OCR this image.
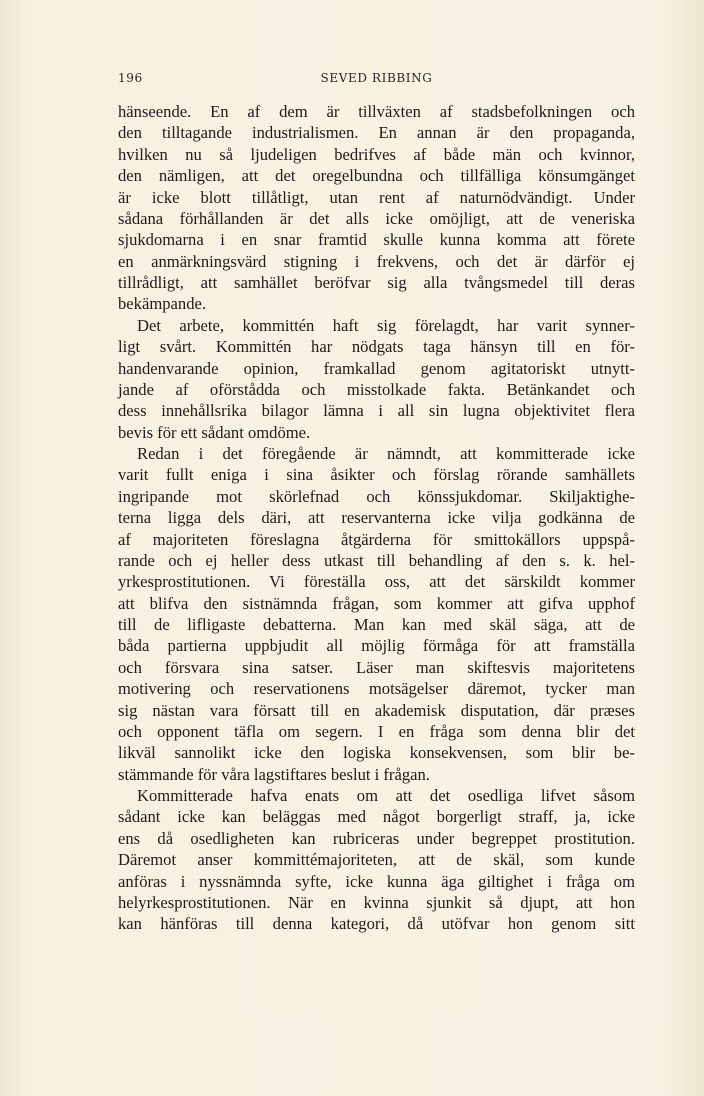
196	SEVED RIBBING
hänseende. En af dem är tillväxten af stadsbefolkningen och
den tilltagande industrialismen. En annan är den propaganda,
hvilken nu så ljudeligen bedrifves af både män och kvinnor,
den nämligen, att det oregelbundna och tillfälliga könsumgänget
är icke blott tillåtligt, utan rent af naturnödvändigt. Under
sådana förhållanden är det alls icke omöjligt, att de veneriska
sjukdomarna i en snar framtid skulle kunna komma att förete
en anmärkningsvärd stigning i frekvens, och det är därför ej
tillrådligt, att samhället beröfvar sig alla tvångsmedel till deras
bekämpande.
Det arbete, kommittén haft sig förelagdt, har varit synner-
ligt svårt. Kommittén har nödgats taga hänsyn till en för-
handenvarande opinion, framkallad genom agitatoriskt utnytt-
jande af oförstådda och misstolkade fakta. Betänkandet och
dess innehållsrika bilagor lämna i all sin lugna objektivitet flera
bevis för ett sådant omdöme.
Redan i det föregående är nämndt, att kommitterade icke
varit fullt eniga i sina åsikter och förslag rörande samhällets
ingripande mot skörlefnad och könssjukdomar. Skiljaktighe-
terna ligga dels däri, att reservanterna icke vilja godkänna de
af majoriteten föreslagna åtgärderna för smittokällors uppspå-
rande och ej heller dess utkast till behandling af den s. k. hel-
yrkesprostitutionen. Vi föreställa oss, att det särskildt kommer
att blifva den sistnämnda frågan, som kommer att gifva upphof
till de lifligaste debatterna. Man kan med skäl säga, att de
båda partierna uppbjudit all möjlig förmåga för att framställa
och försvara sina satser. Läser man skiftesvis majoritetens
motivering och reservationens motsägelser däremot, tycker man
sig nästan vara försatt till en akademisk disputation, där præses
och opponent täfla om segern. I en fråga som denna blir det
likväl sannolikt icke den logiska konsekvensen, som blir be-
stämmande för våra lagstiftares beslut i frågan.
Kommitterade hafva enats om att det osedliga lifvet såsom
sådant icke kan beläggas med något borgerligt straff, ja, icke
ens då osedligheten kan rubriceras under begreppet prostitution.
Däremot anser kommittémajoriteten, att de skäl, som kunde
anföras i nyssnämnda syfte, icke kunna äga giltighet i fråga om
helyrkesprostitutionen. När en kvinna sjunkit så djupt, att hon
kan hänföras till denna kategori, då utöfvar hon genom sitt
